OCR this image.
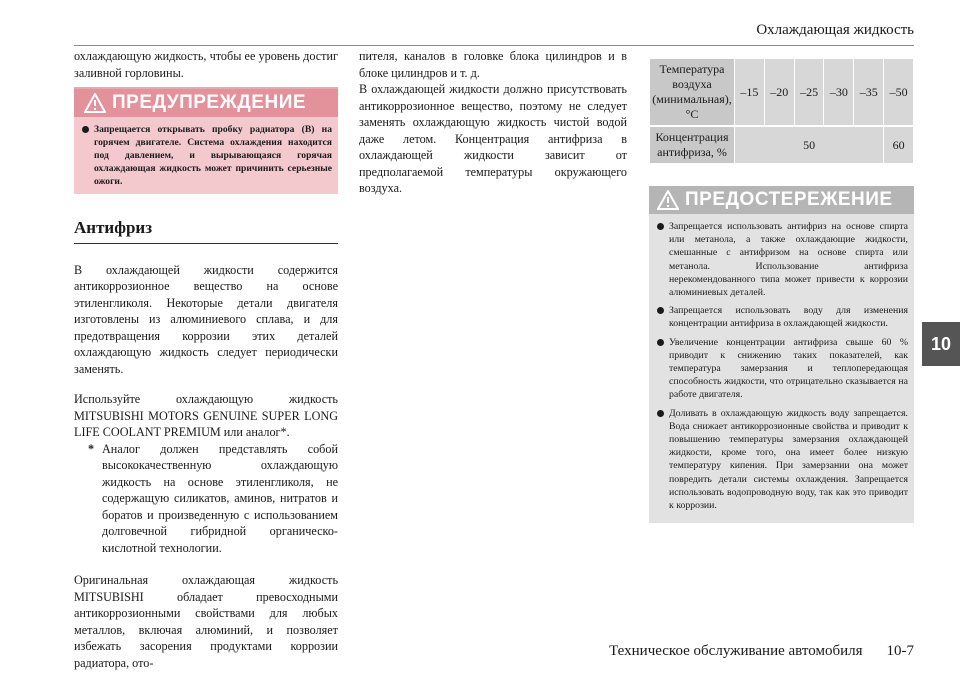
Охлаждающая жидкость
10

охлаждающую жидкость, чтобы ее уровень достиг заливной горловины.

ПРЕДУПРЕЖДЕНИЕ
Запрещается открывать пробку радиатора (В) на горячем двигателе. Система охлаждения находится под давлением, и вырывающаяся горячая охлаждающая жидкость может причинить серьезные ожоги.
Антифриз

В охлаждающей жидкости содержится антикоррозионное вещество на основе этиленгликоля. Некоторые детали двигателя изготовлены из алюминиевого сплава, и для предотвращения коррозии этих деталей охлаждающую жидкость следует периодически заменять.

Используйте охлаждающую жидкость MITSUBISHI MOTORS GENUINE SUPER LONG LIFE COOLANT PREMIUM или аналог*.

* Аналог должен представлять собой высококачественную охлаждающую жидкость на основе этиленгликоля, не содержащую силикатов, аминов, нитратов и боратов и произведенную с использованием долговечной гибридной органическо-кислотной технологии.

Оригинальная охлаждающая жидкость MITSUBISHI обладает превосходными антикоррозионными свойствами для любых металлов, включая алюминий, и позволяет избежать засорения продуктами коррозии радиатора, ото-

пителя, каналов в головке блока цилиндров и в блоке цилиндров и т. д.

В охлаждающей жидкости должно присутствовать антикоррозионное вещество, поэтому не следует заменять охлаждающую жидкость чистой водой даже летом. Концентрация антифриза в охлаждающей жидкости зависит от предполагаемой температуры окружающего воздуха.

Температура воздуха (минимальная), °C	–15	–20	–25	–30	–35	–50
Концентрация антифриза, %	50					60
ПРЕДОСТЕРЕЖЕНИЕ
Запрещается использовать антифриз на основе спирта или метанола, а также охлаждающие жидкости, смешанные с антифризом на основе спирта или метанола. Использование антифриза нерекомендованного типа может привести к коррозии алюминиевых деталей.
Запрещается использовать воду для изменения концентрации антифриза в охлаждающей жидкости.
Увеличение концентрации антифриза свыше 60 % приводит к снижению таких показателей, как температура замерзания и теплопередающая способность жидкости, что отрицательно сказывается на работе двигателя.
Доливать в охлаждающую жидкость воду запрещается. Вода снижает антикоррозионные свойства и приводит к повышению температуры замерзания охлаждающей жидкости, кроме того, она имеет более низкую температуру кипения. При замерзании она может повредить детали системы охлаждения. Запрещается использовать водопроводную воду, так как это приводит к коррозии.
Техническое обслуживание автомобиля 10-7
